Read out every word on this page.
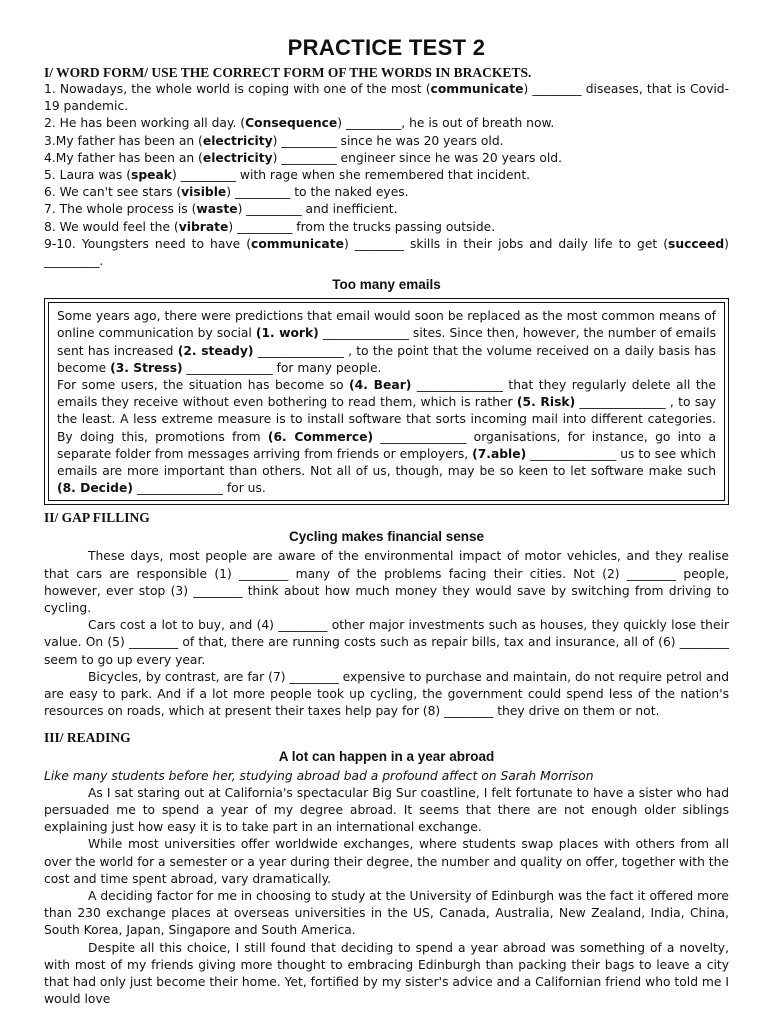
PRACTICE TEST 2

I/ WORD FORM/ USE THE CORRECT FORM OF THE WORDS IN BRACKETS.

1. Nowadays, the whole world is coping with one of the most (communicate) ________ diseases, that is Covid-19 pandemic.

2. He has been working all day. (Consequence) _________, he is out of breath now.

3.My father has been an (electricity) _________ since he was 20 years old.

4.My father has been an (electricity) _________ engineer since he was 20 years old.

5. Laura was (speak) _________ with rage when she remembered that incident.

6. We can't see stars (visible) _________ to the naked eyes.

7. The whole process is (waste) _________ and inefficient.

8. We would feel the (vibrate) _________ from the trucks passing outside.

9-10. Youngsters need to have (communicate) ________ skills in their jobs and daily life to get (succeed) _________.

Too many emails

Some years ago, there were predictions that email would soon be replaced as the most common means of online communication by social (1. work) ______________ sites. Since then, however, the number of emails sent has increased (2. steady) ______________ , to the point that the volume received on a daily basis has become (3. Stress) ______________ for many people.

For some users, the situation has become so (4. Bear) ______________ that they regularly delete all the emails they receive without even bothering to read them, which is rather (5. Risk) ______________ , to say the least. A less extreme measure is to install software that sorts incoming mail into different categories. By doing this, promotions from (6. Commerce) ______________ organisations, for instance, go into a separate folder from messages arriving from friends or employers, (7.able) ______________ us to see which emails are more important than others. Not all of us, though, may be so keen to let software make such (8. Decide) ______________ for us.

II/ GAP FILLING

Cycling makes financial sense

These days, most people are aware of the environmental impact of motor vehicles, and they realise that cars are responsible (1) ________ many of the problems facing their cities. Not (2) ________ people, however, ever stop (3) ________ think about how much money they would save by switching from driving to cycling.

Cars cost a lot to buy, and (4) ________ other major investments such as houses, they quickly lose their value. On (5) ________ of that, there are running costs such as repair bills, tax and insurance, all of (6) ________ seem to go up every year.

Bicycles, by contrast, are far (7) ________ expensive to purchase and maintain, do not require petrol and are easy to park. And if a lot more people took up cycling, the government could spend less of the nation's resources on roads, which at present their taxes help pay for (8) ________ they drive on them or not.

III/ READING

A lot can happen in a year abroad

Like many students before her, studying abroad bad a profound affect on Sarah Morrison

As I sat staring out at California's spectacular Big Sur coastline, I felt fortunate to have a sister who had persuaded me to spend a year of my degree abroad. It seems that there are not enough older siblings explaining just how easy it is to take part in an international exchange.

While most universities offer worldwide exchanges, where students swap places with others from all over the world for a semester or a year during their degree, the number and quality on offer, together with the cost and time spent abroad, vary dramatically.

A deciding factor for me in choosing to study at the University of Edinburgh was the fact it offered more than 230 exchange places at overseas universities in the US, Canada, Australia, New Zealand, India, China, South Korea, Japan, Singapore and South America.

Despite all this choice, I still found that deciding to spend a year abroad was something of a novelty, with most of my friends giving more thought to embracing Edinburgh than packing their bags to leave a city that had only just become their home. Yet, fortified by my sister's advice and a Californian friend who told me I would love
